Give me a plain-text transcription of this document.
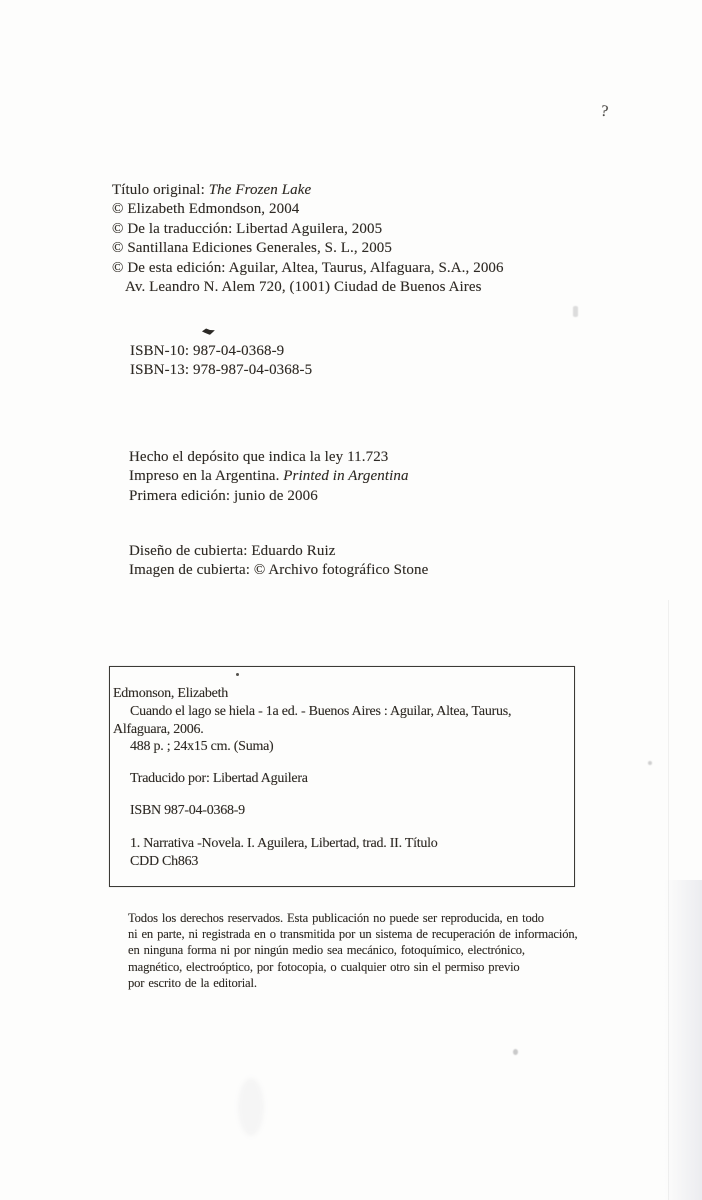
Título original: The Frozen Lake
© Elizabeth Edmondson, 2004
© De la traducción: Libertad Aguilera, 2005
© Santillana Ediciones Generales, S. L., 2005
© De esta edición: Aguilar, Altea, Taurus, Alfaguara, S.A., 2006
Av. Leandro N. Alem 720, (1001) Ciudad de Buenos Aires
ISBN-10: 987-04-0368-9
ISBN-13: 978-987-04-0368-5
Hecho el depósito que indica la ley 11.723
Impreso en la Argentina. Printed in Argentina
Primera edición: junio de 2006
Diseño de cubierta: Eduardo Ruiz
Imagen de cubierta: © Archivo fotográfico Stone
Edmonson, Elizabeth
Cuando el lago se hiela - 1a ed. - Buenos Aires : Aguilar, Altea, Taurus,
Alfaguara, 2006.
488 p. ; 24x15 cm. (Suma)
Traducido por: Libertad Aguilera
ISBN 987-04-0368-9
1. Narrativa -Novela. I. Aguilera, Libertad, trad. II. Título
CDD Ch863
Todos los derechos reservados. Esta publicación no puede ser reproducida, en todo
ni en parte, ni registrada en o transmitida por un sistema de recuperación de información,
en ninguna forma ni por ningún medio sea mecánico, fotoquímico, electrónico,
magnético, electroóptico, por fotocopia, o cualquier otro sin el permiso previo
por escrito de la editorial.
?
